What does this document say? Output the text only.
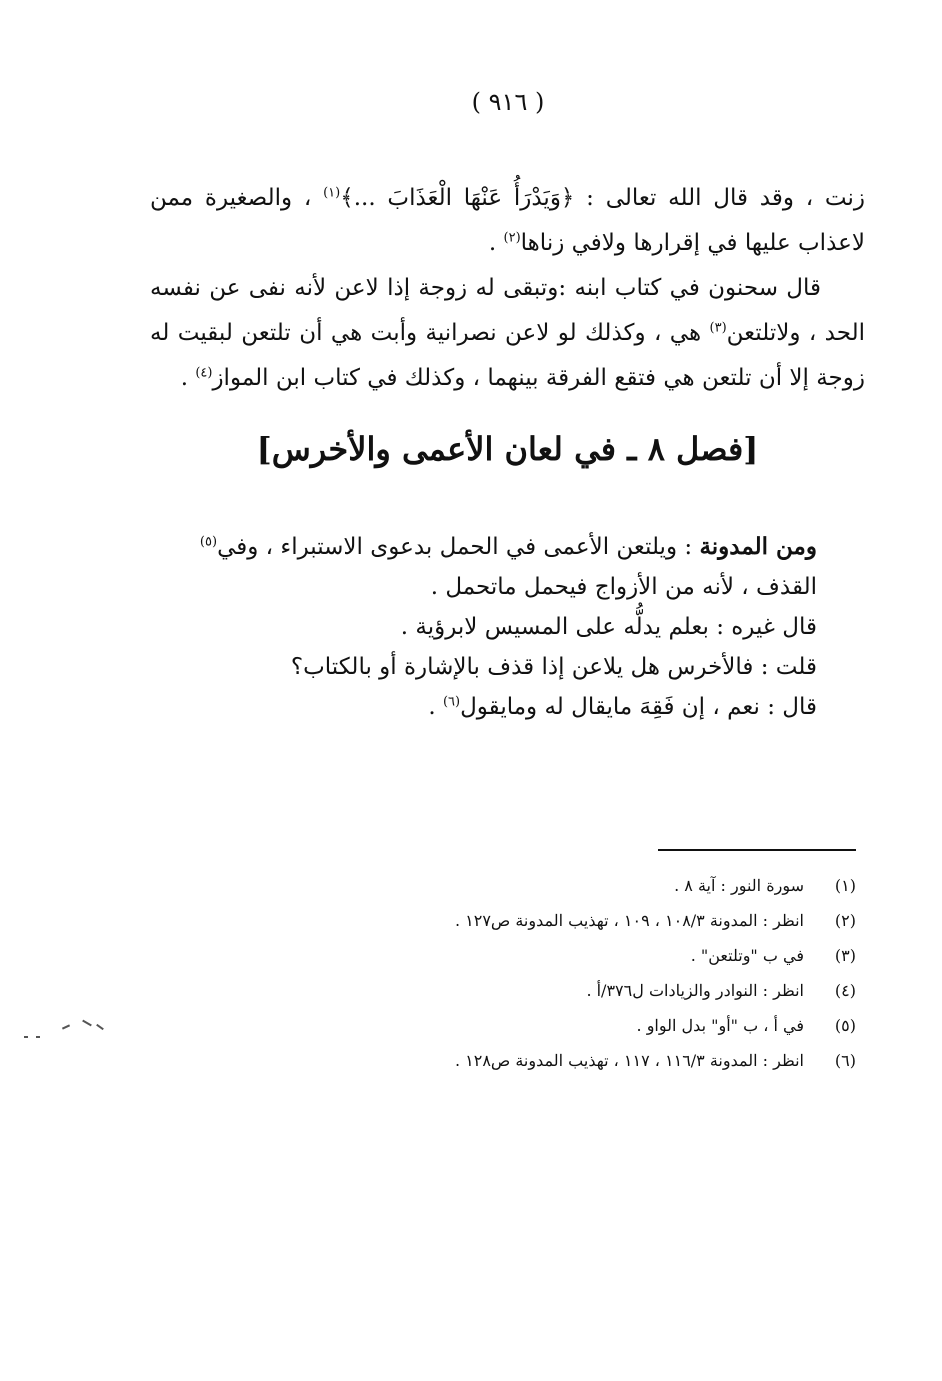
( ٩١٦ )

زنت ، وقد قال الله تعالى : ﴿وَيَدْرَأُ عَنْهَا الْعَذَابَ ...﴾$^{(١)}$ ، والصغيرة ممن لاعذاب عليها في إقرارها ولافي زناها$^{(٢)}$ .

قال سحنون في كتاب ابنه :وتبقى له زوجة إذا لاعن لأنه نفى عن نفسه الحد ، ولاتلتعن$^{(٣)}$ هي ، وكذلك لو لاعن نصرانية وأبت هي أن تلتعن لبقيت له زوجة إلا أن تلتعن هي فتقع الفرقة بينهما ، وكذلك في كتاب ابن المواز$^{(٤)}$ .

[فصل ٨ ـ في لعان الأعمى والأخرس]

ومن المدونة : ويلتعن الأعمى في الحمل بدعوى الاستبراء ، وفي$^{(٥)}$ القذف ، لأنه من الأزواج فيحمل ماتحمل .

قال غيره : بعلم يدلُّه على المسيس لابرؤية .

قلت : فالأخرس هل يلاعن إذا قذف بالإشارة أو بالكتاب؟

قال : نعم ، إن فَقِهَ مايقال له ومايقول$^{(٦)}$ .

(١)
سورة النور : آية ٨ .
(٢)
انظر : المدونة ١٠٨/٣ ، ١٠٩ ، تهذيب المدونة ص١٢٧ .
(٣)
في ب "وتلتعن" .
(٤)
انظر : النوادر والزيادات ل٣٧٦/أ .
(٥)
في أ ، ب "أو" بدل الواو .
(٦)
انظر : المدونة ١١٦/٣ ، ١١٧ ، تهذيب المدونة ص١٢٨ .
